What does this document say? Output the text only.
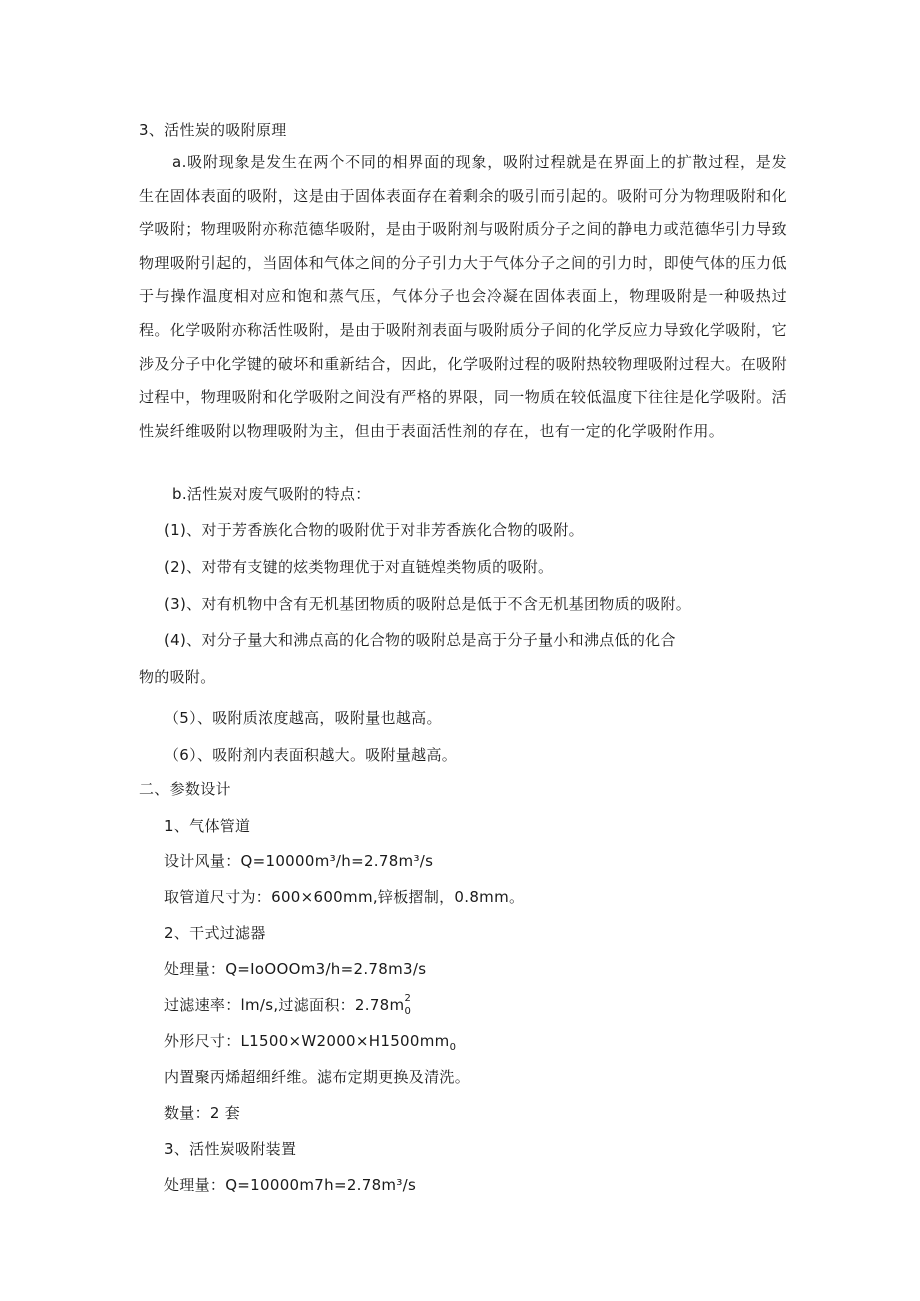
3、活性炭的吸附原理
a.吸附现象是发生在两个不同的相界面的现象，吸附过程就是在界面上的扩散过程，是发生在固体表面的吸附，这是由于固体表面存在着剩余的吸引而引起的。吸附可分为物理吸附和化学吸附；物理吸附亦称范德华吸附，是由于吸附剂与吸附质分子之间的静电力或范德华引力导致物理吸附引起的，当固体和气体之间的分子引力大于气体分子之间的引力时，即使气体的压力低于与操作温度相对应和饱和蒸气压，气体分子也会冷凝在固体表面上，物理吸附是一种吸热过程。化学吸附亦称活性吸附，是由于吸附剂表面与吸附质分子间的化学反应力导致化学吸附，它涉及分子中化学键的破坏和重新结合，因此，化学吸附过程的吸附热较物理吸附过程大。在吸附过程中，物理吸附和化学吸附之间没有严格的界限，同一物质在较低温度下往往是化学吸附。活性炭纤维吸附以物理吸附为主，但由于表面活性剂的存在，也有一定的化学吸附作用。
b.活性炭对废气吸附的特点：
(1)、对于芳香族化合物的吸附优于对非芳香族化合物的吸附。
(2)、对带有支键的炫类物理优于对直链煌类物质的吸附。
(3)、对有机物中含有无机基团物质的吸附总是低于不含无机基团物质的吸附。
(4)、对分子量大和沸点高的化合物的吸附总是高于分子量小和沸点低的化合
物的吸附。
（5）、吸附质浓度越高，吸附量也越高。
（6）、吸附剂内表面积越大。吸附量越高。
二、参数设计
1、气体管道
设计风量：Q=10000m³/h=2.78m³/s
取管道尺寸为：600×600mm,锌板摺制，0.8mm。
2、干式过滤器
处理量：Q=IoOOOm3/h=2.78m3/s
过滤速率：lm/s,过滤面积：2.78m 2
0
外形尺寸：$L1500\times W2000\times H1500mm_0$
内置聚丙烯超细纤维。滤布定期更换及清洗。
数量：2 套
3、活性炭吸附装置
处理量：Q=10000m7h=2.78m³/s
